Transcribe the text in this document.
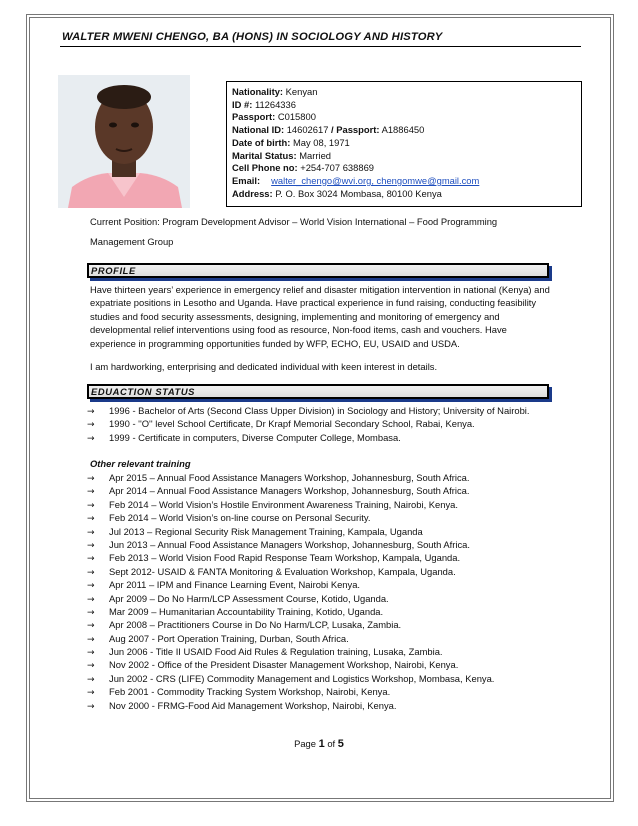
WALTER MWENI CHENGO, BA (HONS) IN SOCIOLOGY AND HISTORY
Nationality: Kenyan
ID #: 11264336
Passport: C015800
National ID: 14602617 / Passport: A1886450
Date of birth: May 08, 1971
Marital Status: Married
Cell Phone no: +254-707 638869
Email: walter_chengo@wvi.org, chengomwe@gmail.com
Address: P. O. Box 3024 Mombasa, 80100 Kenya
Current Position: Program Development Advisor – World Vision International – Food Programming
Management Group
PROFILE
Have thirteen years’ experience in emergency relief and disaster mitigation intervention in national (Kenya) and expatriate positions in Lesotho and Uganda. Have practical experience in fund raising, conducting feasibility studies and food security assessments, designing, implementing and monitoring of emergency and developmental relief interventions using food as resource, Non-food items, cash and vouchers. Have experience in programming opportunities funded by WFP, ECHO, EU, USAID and USDA.
I am hardworking, enterprising and dedicated individual with keen interest in details.
EDUACTION STATUS
→ 1996 - Bachelor of Arts (Second Class Upper Division) in Sociology and History; University of Nairobi.
→ 1990 - ''O'' level School Certificate, Dr Krapf Memorial Secondary School, Rabai, Kenya.
→ 1999 - Certificate in computers, Diverse Computer College, Mombasa.
Other relevant training
→ Apr 2015 – Annual Food Assistance Managers Workshop, Johannesburg, South Africa.
→ Apr 2014 – Annual Food Assistance Managers Workshop, Johannesburg, South Africa.
→ Feb 2014 – World Vision’s Hostile Environment Awareness Training, Nairobi, Kenya.
→ Feb 2014 – World Vision’s on-line course on Personal Security.
→ Jul 2013 – Regional Security Risk Management Training, Kampala, Uganda
→ Jun 2013 – Annual Food Assistance Managers Workshop, Johannesburg, South Africa.
→ Feb 2013 – World Vision Food Rapid Response Team Workshop, Kampala, Uganda.
→ Sept 2012- USAID & FANTA Monitoring & Evaluation Workshop, Kampala, Uganda.
→ Apr 2011 – IPM and Finance Learning Event, Nairobi Kenya.
→ Apr 2009 – Do No Harm/LCP Assessment Course, Kotido, Uganda.
→ Mar 2009 – Humanitarian Accountability Training, Kotido, Uganda.
→ Apr 2008 – Practitioners Course in Do No Harm/LCP, Lusaka, Zambia.
→ Aug 2007 - Port Operation Training, Durban, South Africa.
→ Jun 2006 - Title II USAID Food Aid Rules & Regulation training, Lusaka, Zambia.
→ Nov 2002 - Office of the President Disaster Management Workshop, Nairobi, Kenya.
→ Jun 2002 - CRS (LIFE) Commodity Management and Logistics Workshop, Mombasa, Kenya.
→ Feb 2001 - Commodity Tracking System Workshop, Nairobi, Kenya.
→ Nov 2000 - FRMG-Food Aid Management Workshop, Nairobi, Kenya.
Page 1 of 5
